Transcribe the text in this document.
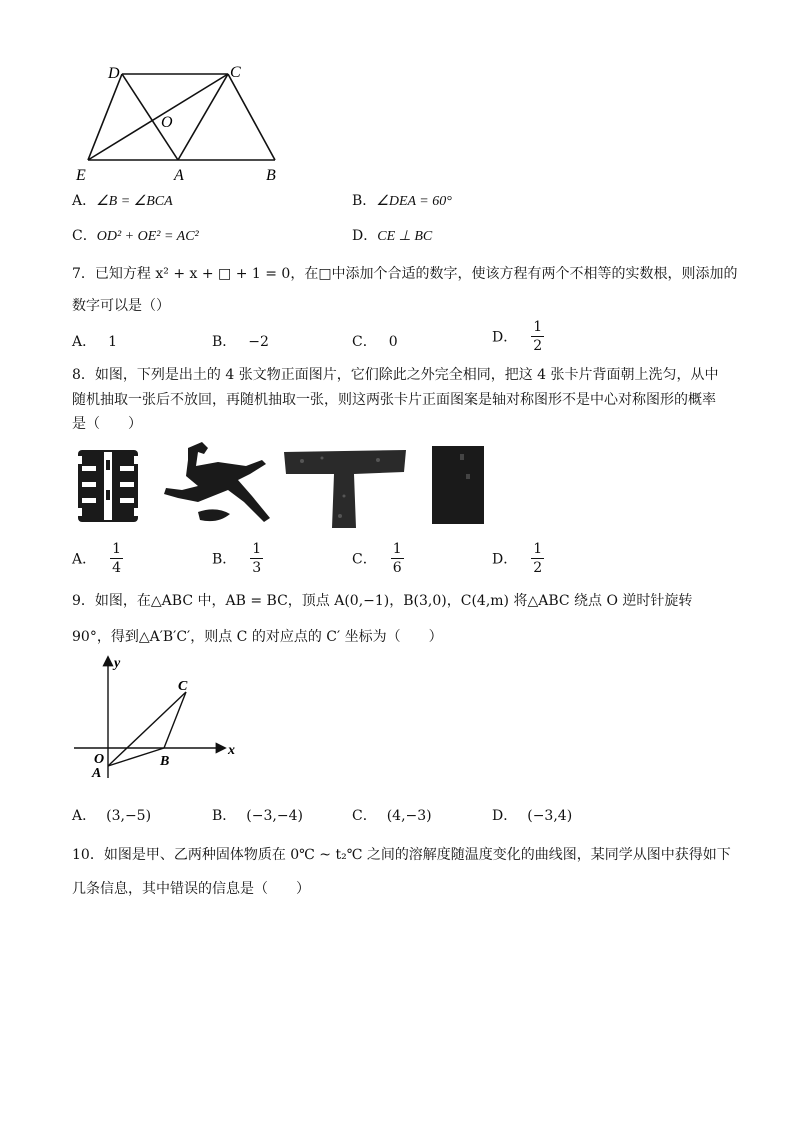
D	C
O
E	A	B
A．∠B = ∠BCA	B．∠DEA = 60°
C．OD² + OE² = AC²	D．CE ⊥ BC
7．已知方程 x² + x + □ + 1 = 0，在□中添加个合适的数字，使该方程有两个不相等的实数根，则添加的
数字可以是（）
A． 1	B． −2	C． 0	D． $\frac{1}{2}$
8．如图，下列是出土的 4 张文物正面图片，它们除此之外完全相同，把这 4 张卡片背面朝上洗匀，从中
随机抽取一张后不放回，再随机抽取一张，则这两张卡片正面图案是轴对称图形不是中心对称图形的概率
是（　　）
A． $\frac{1}{4}$	B． $\frac{1}{3}$	C． $\frac{1}{6}$	D． $\frac{1}{2}$
9．如图，在△ABC 中，AB = BC，顶点 A(0,−1)，B(3,0)，C(4,m) 将△ABC 绕点 O 逆时针旋转
90°，得到△A′B′C′，则点 C 的对应点的 C′ 坐标为（　　）
y
x
C
O
A
B
A． (3,−5)	B． (−3,−4)	C． (4,−3)	D． (−3,4)
10．如图是甲、乙两种固体物质在 0℃ ~ t₂℃ 之间的溶解度随温度变化的曲线图，某同学从图中获得如下
几条信息，其中错误的信息是（　　）
